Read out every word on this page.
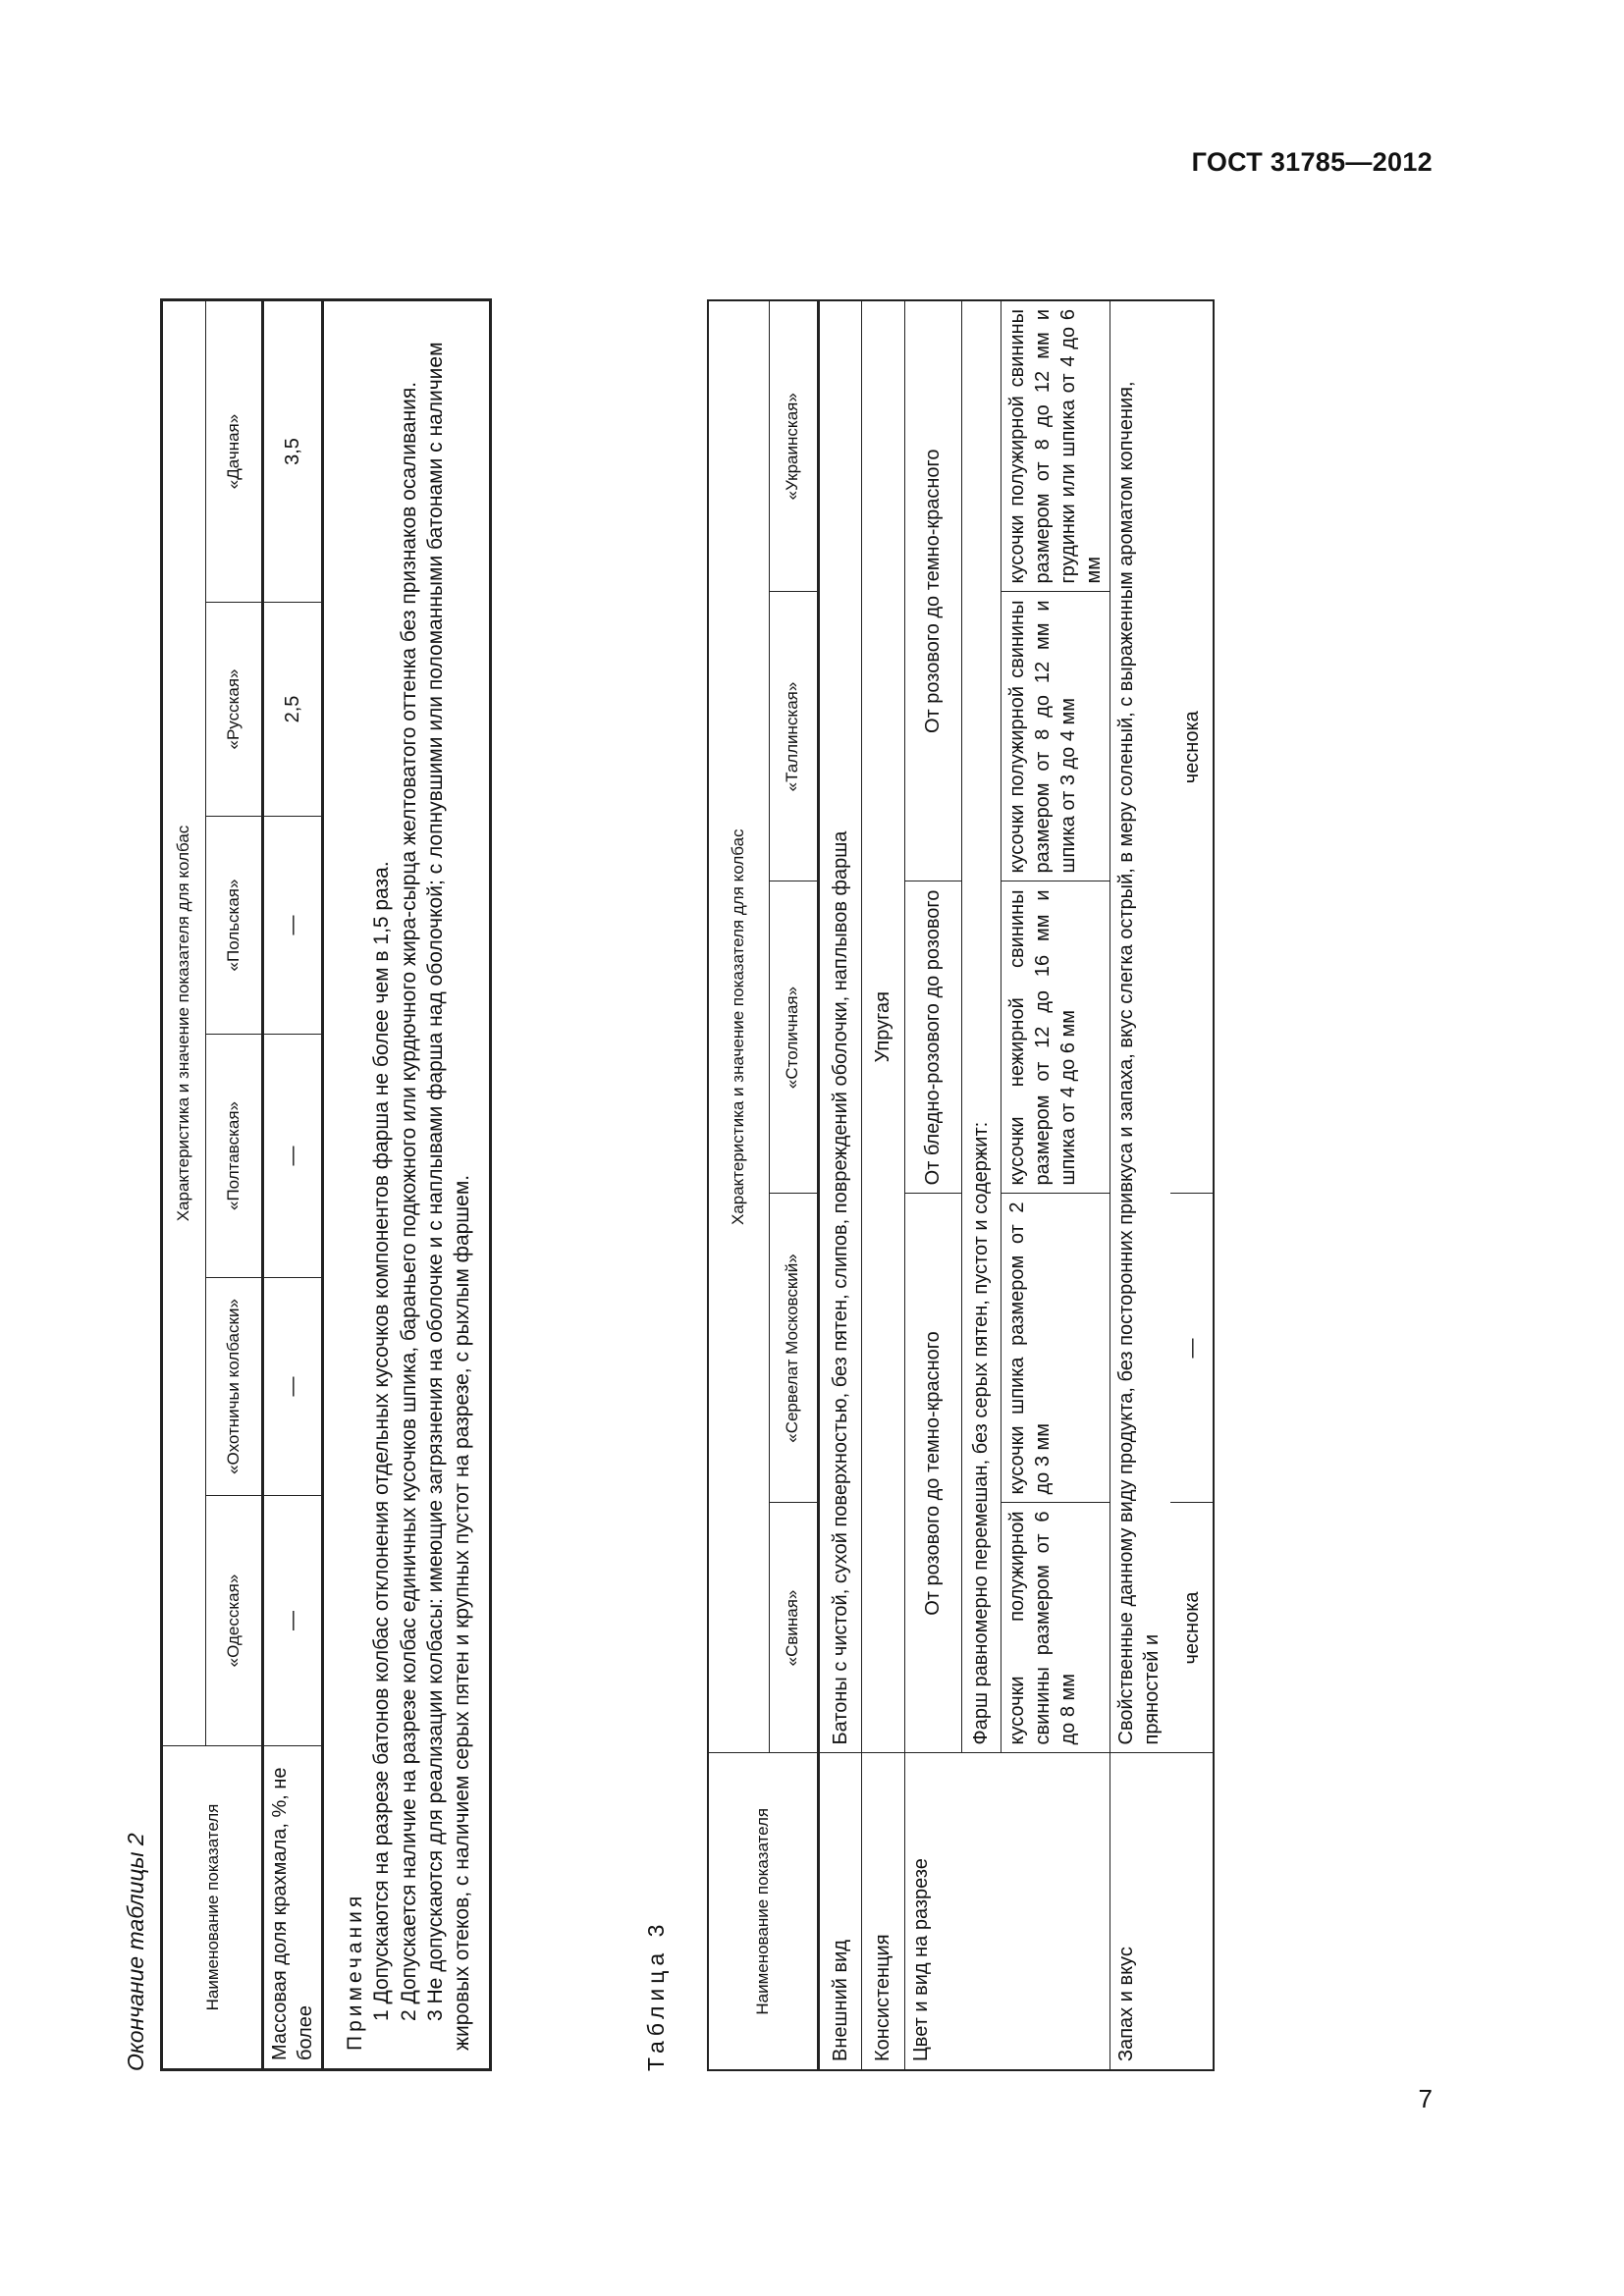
ГОСТ 31785—2012
Окончание таблицы 2	Наименование показателя	Характеристика и значение показателя для колбас					
	«Одесская»	«Охотничьи колбаски»	«Полтавская»	«Польская»	«Русская»	«Дачная»
Массовая доля крахмала, %, не более	—	—	—	—	2,5	3,5

Примечания 1 Допускаются на разрезе батонов колбас отклонения отдельных кусочков компонентов фарша не более чем в 1,5 раза. 2 Допускается наличие на разрезе колбас единичных кусочков шпика, бараньего подкожного или курдючного жира-сырца желтоватого оттенка без признаков осаливания. 3 Не допускаются для реализации колбасы: имеющие загрязнения на оболочке и с наплывами фарша над оболочкой; с лопнувшими или поломанными батонами с наличием жировых отеков, с наличием серых пятен и крупных пустот на разрезе, с рыхлым фаршем.							Таблица 3	Наименование показателя	Характеристика и значение показателя для колбас				
	«Свиная»	«Сервелат Московский»	«Столичная»	«Таллинская»	«Украинская»
Внешний вид	Батоны с чистой, сухой поверхностью, без пятен, слипов, повреждений оболочки, наплывов фарша				
Консистенция	Упругая				
Цвет и вид на разрезе	От розового до темно-красного		От бледно-розового до розового	От розового до темно-красного	
	Фарш равномерно перемешан, без серых пятен, пустот и содержит:				
	кусочки полужирной свинины размером от 6 до 8 мм	кусочки шпика размером от 2 до 3 мм	кусочки нежирной свинины размером от 12 до 16 мм и шпика от 4 до 6 мм	кусочки полужирной свинины размером от 8 до 12 мм и шпика от 3 до 4 мм	кусочки полужирной свинины размером от 8 до 12 мм и грудинки или шпика от 4 до 6 мм
Запах и вкус	Свойственные данному виду продукта, без посторонних привкуса и запаха, вкус слегка острый, в меру соленый, с выраженным ароматом копчения, пряностей и				
	чеснока	—	чеснока		
7
